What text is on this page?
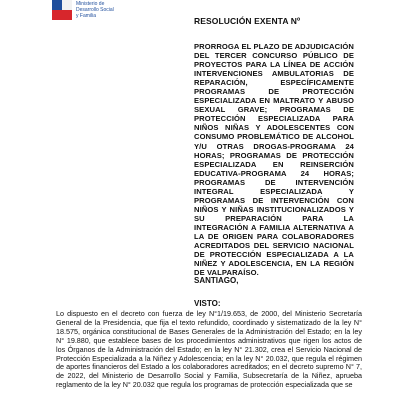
Ministerio de
Desarrollo Social
y Familia	RESOLUCIÓN EXENTA Nº
PRORROGA EL PLAZO DE ADJUDICACIÓN DEL TERCER CONCURSO PÚBLICO DE PROYECTOS PARA LA LÍNEA DE ACCIÓN INTERVENCIONES AMBULATORIAS DE REPARACIÓN, ESPECÍFICAMENTE PROGRAMAS DE PROTECCIÓN ESPECIALIZADA EN MALTRATO Y ABUSO SEXUAL GRAVE; PROGRAMAS DE PROTECCIÓN ESPECIALIZADA PARA NIÑOS NIÑAS Y ADOLESCENTES CON CONSUMO PROBLEMÁTICO DE ALCOHOL Y/U OTRAS DROGAS-PROGRAMA 24 HORAS; PROGRAMAS DE PROTECCIÓN ESPECIALIZADA EN REINSERCIÓN EDUCATIVA-PROGRAMA 24 HORAS; PROGRAMAS DE INTERVENCIÓN INTEGRAL ESPECIALIZADA Y PROGRAMAS DE INTERVENCIÓN CON NIÑOS Y NIÑAS INSTITUCIONALIZADOS Y SU PREPARACIÓN PARA LA INTEGRACIÓN A FAMILIA ALTERNATIVA A LA DE ORIGEN PARA COLABORADORES ACREDITADOS DEL SERVICIO NACIONAL DE PROTECCIÓN ESPECIALIZADA A LA NIÑEZ Y ADOLESCENCIA, EN LA REGIÓN DE VALPARAÍSO.
SANTIAGO,
VISTO:
Lo dispuesto en el decreto con fuerza de ley N°1/19.653, de 2000, del Ministerio Secretaría General de la Presidencia, que fija el texto refundido, coordinado y sistematizado de la ley N° 18.575, orgánica constitucional de Bases Generales de la Administración del Estado; en la ley N° 19.880, que establece bases de los procedimientos administrativos que rigen los actos de los Órganos de la Administración del Estado; en la ley N° 21.302, crea el Servicio Nacional de Protección Especializada a la Niñez y Adolescencia; en la ley N° 20.032, que regula el régimen de aportes financieros del Estado a los colaboradores acreditados; en el decreto supremo N° 7, de 2022, del Ministerio de Desarrollo Social y Familia, Subsecretaría de la Niñez, aprueba reglamento de la ley N° 20.032 que regula los programas de protección especializada que se
